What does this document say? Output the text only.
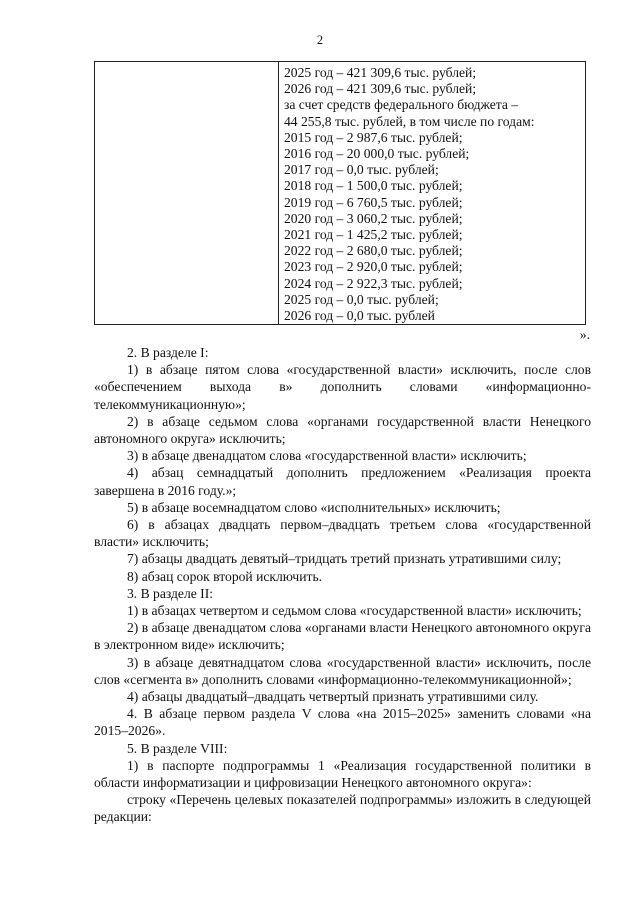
2
2025 год – 421 309,6 тыс. рублей;
2026 год – 421 309,6 тыс. рублей;
за счет средств федерального бюджета –
44 255,8 тыс. рублей, в том числе по годам:
2015 год – 2 987,6 тыс. рублей;
2016 год – 20 000,0 тыс. рублей;
2017 год – 0,0 тыс. рублей;
2018 год – 1 500,0 тыс. рублей;
2019 год – 6 760,5 тыс. рублей;
2020 год – 3 060,2 тыс. рублей;
2021 год – 1 425,2 тыс. рублей;
2022 год – 2 680,0 тыс. рублей;
2023 год – 2 920,0 тыс. рублей;
2024 год – 2 922,3 тыс. рублей;
2025 год – 0,0 тыс. рублей;
2026 год – 0,0 тыс. рублей
».
2. В разделе I:
1) в абзаце пятом слова «государственной власти» исключить, после слов «обеспечением выхода в» дополнить словами «информационно-телекоммуникационную»;
2) в абзаце седьмом слова «органами государственной власти Ненецкого автономного округа» исключить;
3) в абзаце двенадцатом слова «государственной власти» исключить;
4) абзац семнадцатый дополнить предложением «Реализация проекта завершена в 2016 году.»;
5) в абзаце восемнадцатом слово «исполнительных» исключить;
6) в абзацах двадцать первом–двадцать третьем слова «государственной власти» исключить;
7) абзацы двадцать девятый–тридцать третий признать утратившими силу;
8) абзац сорок второй исключить.
3. В разделе II:
1) в абзацах четвертом и седьмом слова «государственной власти» исключить;
2) в абзаце двенадцатом слова «органами власти Ненецкого автономного округа в электронном виде» исключить;
3) в абзаце девятнадцатом слова «государственной власти» исключить, после слов «сегмента в» дополнить словами «информационно-телекоммуникационной»;
4) абзацы двадцатый–двадцать четвертый признать утратившими силу.
4. В абзаце первом раздела V слова «на 2015–2025» заменить словами «на 2015–2026».
5. В разделе VIII:
1) в паспорте подпрограммы 1 «Реализация государственной политики в области информатизации и цифровизации Ненецкого автономного округа»:
строку «Перечень целевых показателей подпрограммы» изложить в следующей редакции:
